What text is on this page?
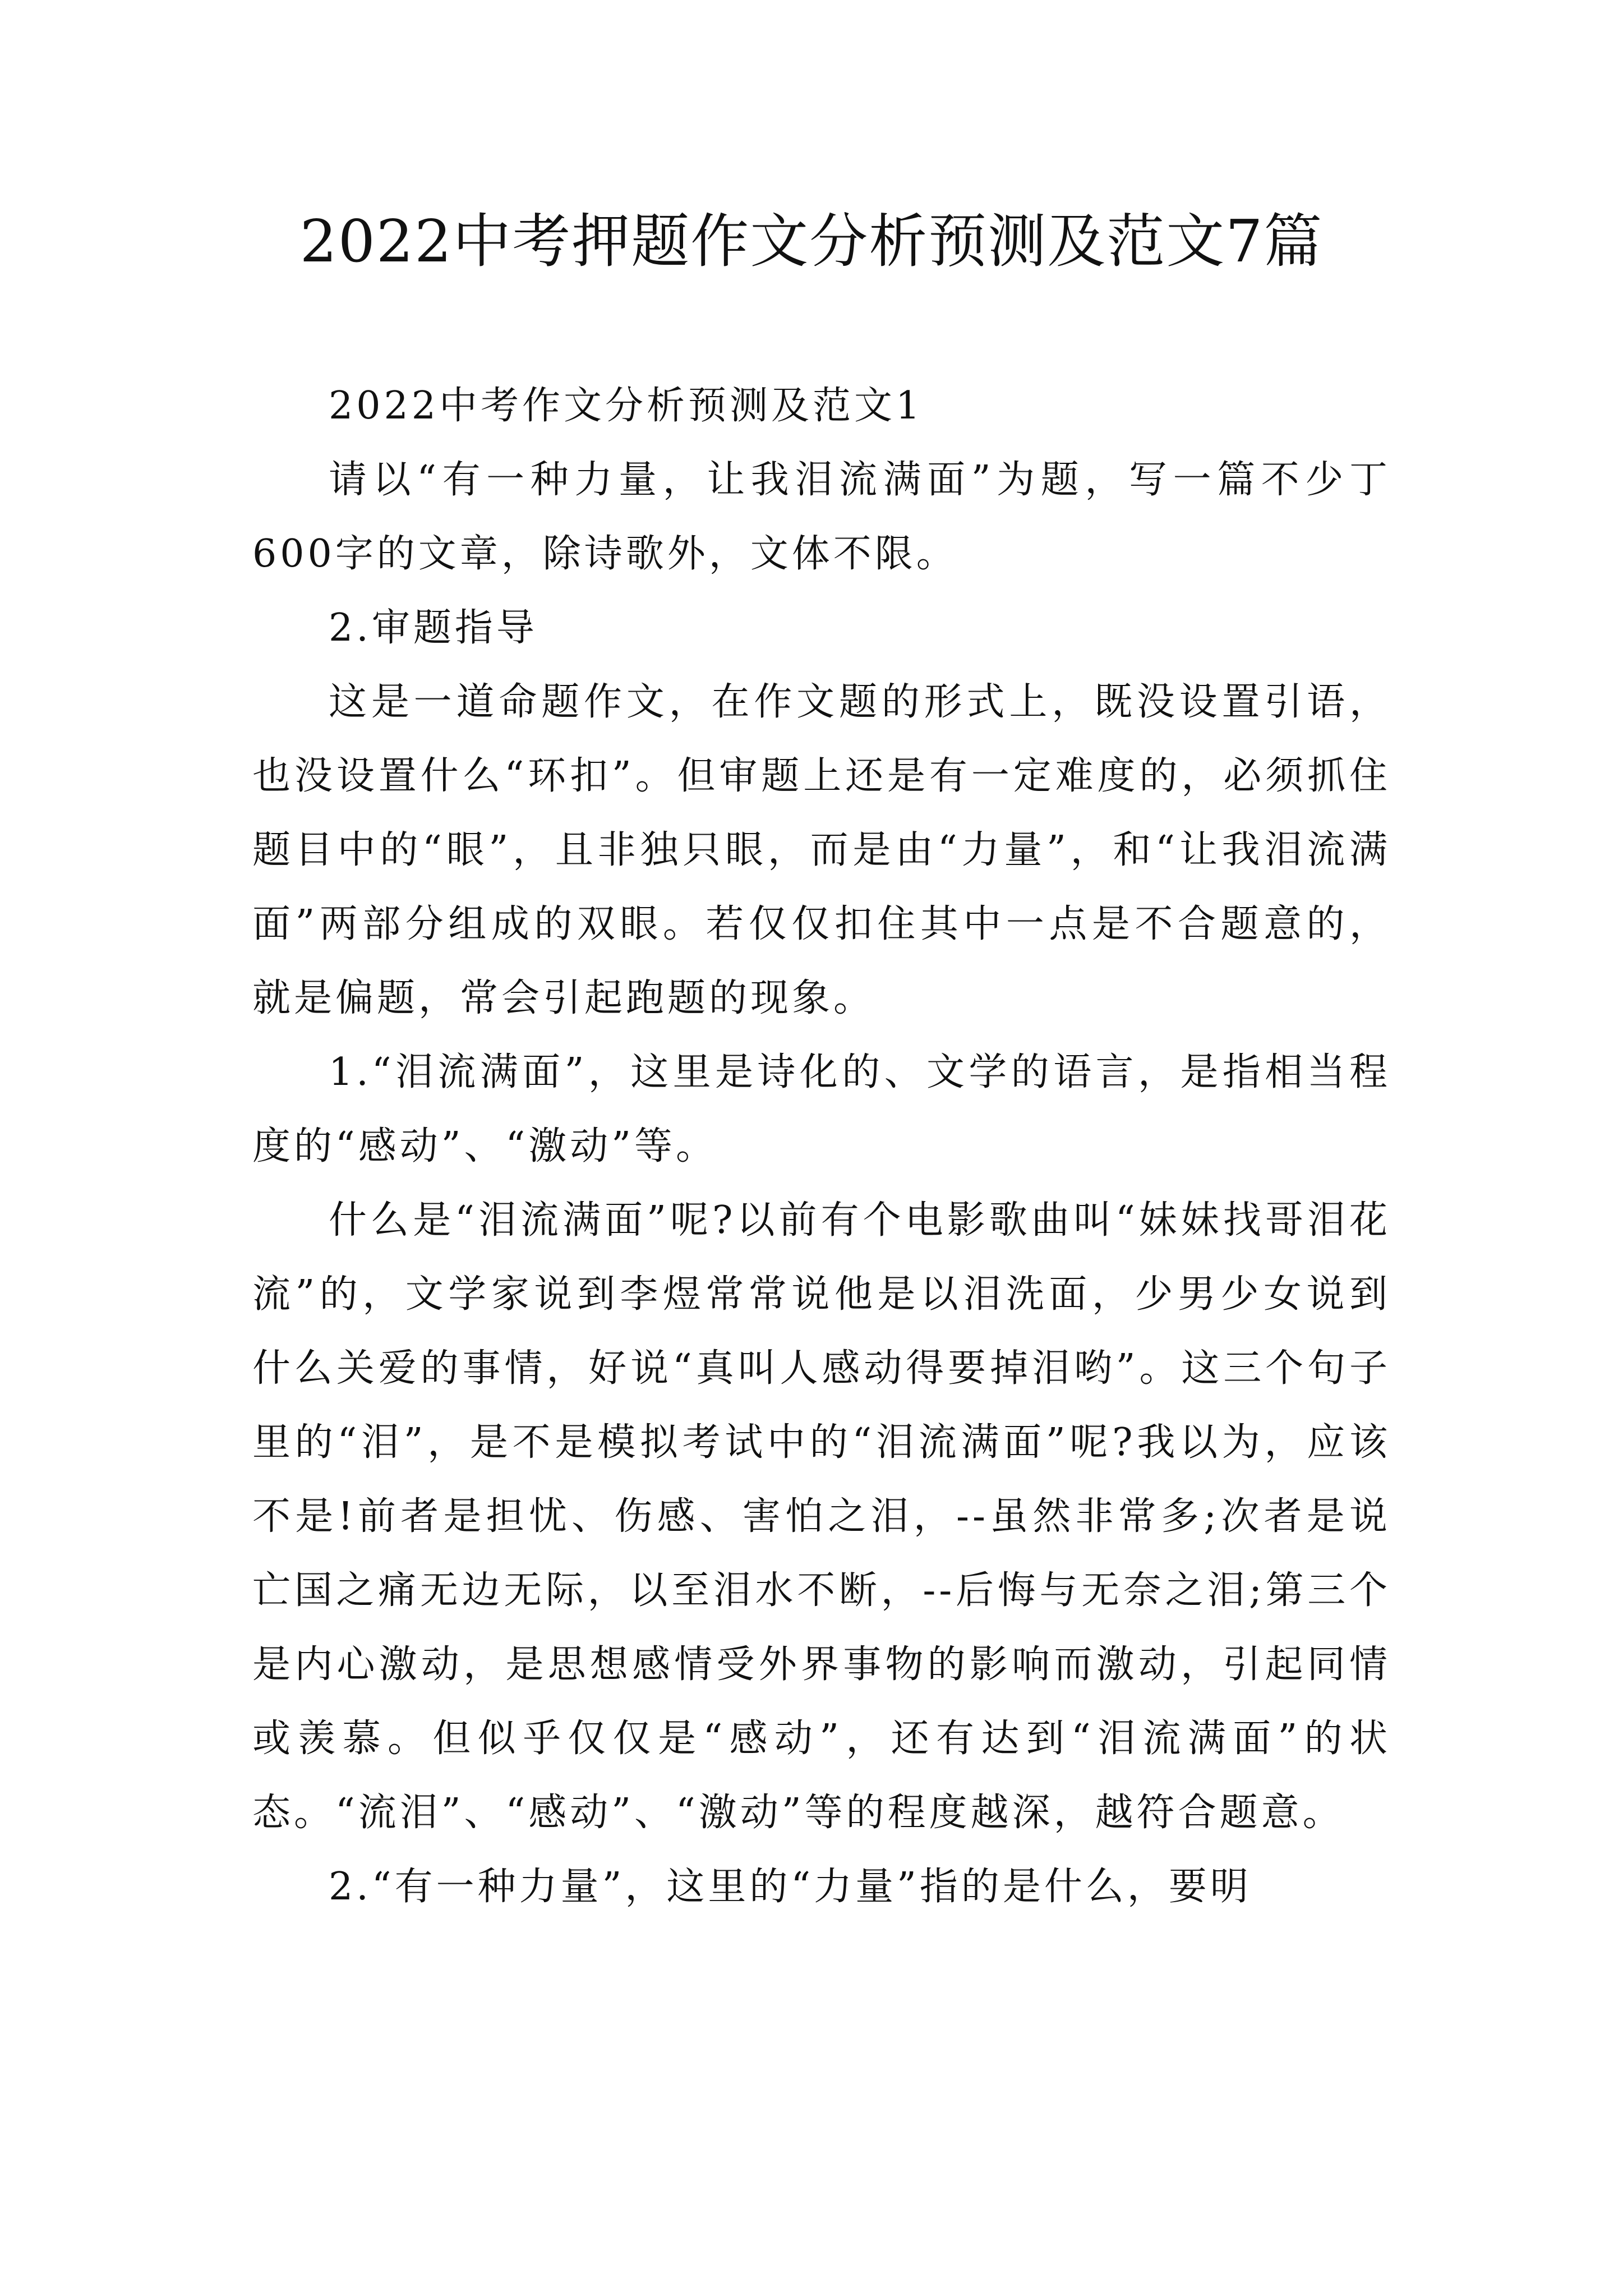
2022中考押题作文分析预测及范文7篇

2022中考作文分析预测及范文1

请以“有一种力量，让我泪流满面”为题，写一篇不少丁600字的文章，除诗歌外，文体不限。

2.审题指导

这是一道命题作文，在作文题的形式上，既没设置引语，也没设置什么“环扣”。但审题上还是有一定难度的，必须抓住题目中的“眼”，且非独只眼，而是由“力量”，和“让我泪流满面”两部分组成的双眼。若仅仅扣住其中一点是不合题意的，就是偏题，常会引起跑题的现象。

1.“泪流满面”，这里是诗化的、文学的语言，是指相当程度的“感动”、“激动”等。

什么是“泪流满面”呢?以前有个电影歌曲叫“妹妹找哥泪花流”的，文学家说到李煜常常说他是以泪洗面，少男少女说到什么关爱的事情，好说“真叫人感动得要掉泪哟”。这三个句子里的“泪”，是不是模拟考试中的“泪流满面”呢?我以为，应该不是!前者是担忧、伤感、害怕之泪，--虽然非常多;次者是说亡国之痛无边无际，以至泪水不断，--后悔与无奈之泪;第三个是内心激动，是思想感情受外界事物的影响而激动，引起同情或羡慕。但似乎仅仅是“感动”，还有达到“泪流满面”的状态。“流泪”、“感动”、“激动”等的程度越深，越符合题意。

2.“有一种力量”，这里的“力量”指的是什么，要明
